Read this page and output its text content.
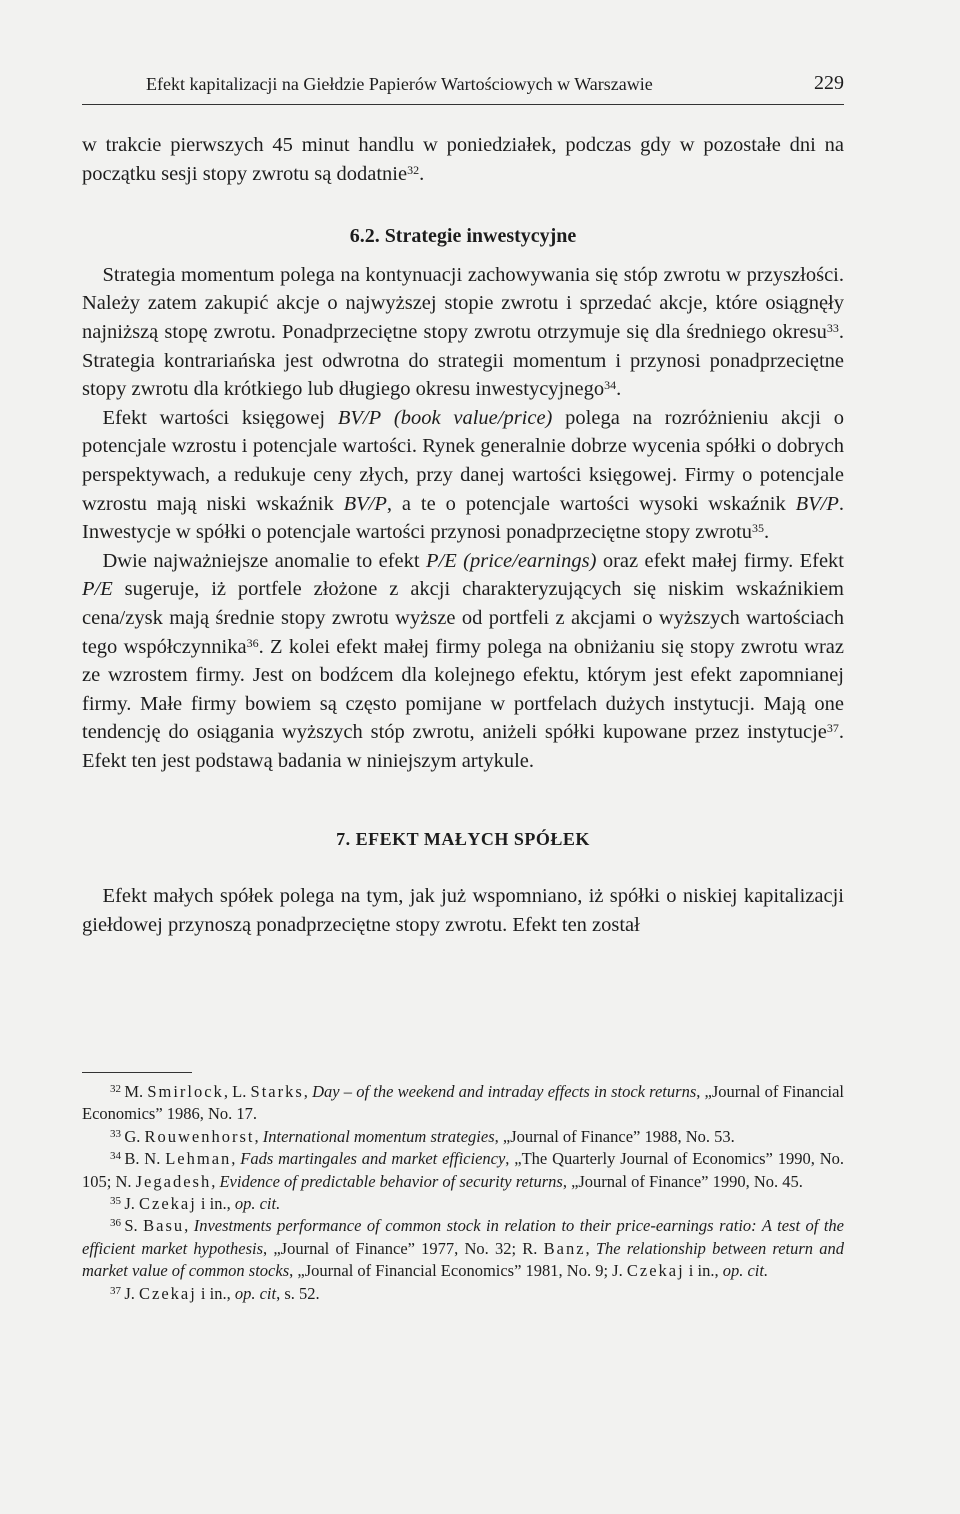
Efekt kapitalizacji na Giełdzie Papierów Wartościowych w Warszawie	229

w trakcie pierwszych 45 minut handlu w poniedziałek, podczas gdy w pozostałe dni na początku sesji stopy zwrotu są dodatnie$^{32}$.

6.2. Strategie inwestycyjne

 Strategia momentum polega na kontynuacji zachowywania się stóp zwrotu w przyszłości. Należy zatem zakupić akcje o najwyższej stopie zwrotu i sprzedać akcje, które osiągnęły najniższą stopę zwrotu. Ponadprzeciętne stopy zwrotu otrzymuje się dla średniego okresu$^{33}$. Strategia kontrariańska jest odwrotna do strategii momentum i przynosi ponadprzeciętne stopy zwrotu dla krótkiego lub długiego okresu inwestycyjnego$^{34}$.

 Efekt wartości księgowej BV/P (book value/price) polega na rozróżnieniu akcji o potencjale wzrostu i potencjale wartości. Rynek generalnie dobrze wycenia spółki o dobrych perspektywach, a redukuje ceny złych, przy danej wartości księgowej. Firmy o potencjale wzrostu mają niski wskaźnik BV/P, a te o potencjale wartości wysoki wskaźnik BV/P. Inwestycje w spółki o potencjale wartości przynosi ponadprzeciętne stopy zwrotu$^{35}$.

 Dwie najważniejsze anomalie to efekt P/E (price/earnings) oraz efekt małej firmy. Efekt P/E sugeruje, iż portfele złożone z akcji charakteryzujących się niskim wskaźnikiem cena/zysk mają średnie stopy zwrotu wyższe od portfeli z akcjami o wyższych wartościach tego współczynnika$^{36}$. Z kolei efekt małej firmy polega na obniżaniu się stopy zwrotu wraz ze wzrostem firmy. Jest on bodźcem dla kolejnego efektu, którym jest efekt zapomnianej firmy. Małe firmy bowiem są często pomijane w portfelach dużych instytucji. Mają one tendencję do osiągania wyższych stóp zwrotu, aniżeli spółki kupowane przez instytucje$^{37}$. Efekt ten jest podstawą badania w niniejszym artykule.

7. EFEKT MAŁYCH SPÓŁEK

 Efekt małych spółek polega na tym, jak już wspomniano, iż spółki o niskiej kapitalizacji giełdowej przynoszą ponadprzeciętne stopy zwrotu. Efekt ten został

$^{32}$  M. Smirlock, L. Starks, Day – of the weekend and intraday effects in stock returns, „Journal of Financial Economics” 1986, No. 17.

$^{33}$  G. Rouwenhorst, International momentum strategies, „Journal of Finance” 1988, No. 53.

$^{34}$  B. N. Lehman, Fads martingales and market efficiency, „The Quarterly Journal of Economics” 1990, No. 105; N. Jegadesh, Evidence of predictable behavior of security returns, „Journal of Finance” 1990, No. 45.

$^{35}$  J. Czekaj i in., op. cit.

$^{36}$  S. Basu, Investments performance of common stock in relation to their price-earnings ratio: A test of the efficient market hypothesis, „Journal of Finance” 1977, No. 32; R. Banz, The relationship between return and market value of common stocks, „Journal of Financial Economics” 1981, No. 9; J. Czekaj i in., op. cit.

$^{37}$  J. Czekaj i in., op. cit, s. 52.
